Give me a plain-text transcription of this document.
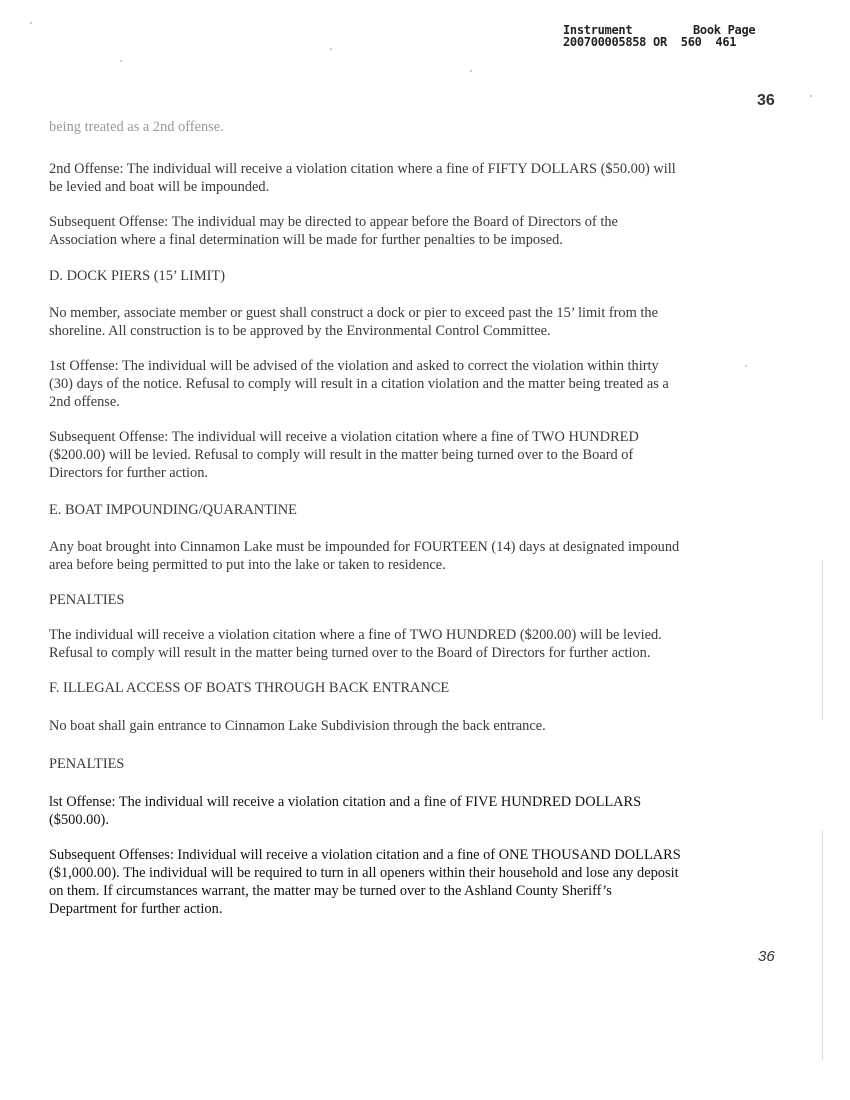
Instrument	Book Page
200700005858 OR 560  461
36

being treated as a 2nd offense.

2nd Offense: The individual will receive a violation citation where a fine of FIFTY DOLLARS ($50.00) will be levied and boat will be impounded.

Subsequent Offense: The individual may be directed to appear before the Board of Directors of the Association where a final determination will be made for further penalties to be imposed.

D. DOCK PIERS (15’ LIMIT)

No member, associate member or guest shall construct a dock or pier to exceed past the 15’ limit from the shoreline. All construction is to be approved by the Environmental Control Committee.

1st Offense: The individual will be advised of the violation and asked to correct the violation within thirty (30) days of the notice. Refusal to comply will result in a citation violation and the matter being treated as a 2nd offense.

Subsequent Offense: The individual will receive a violation citation where a fine of TWO HUNDRED ($200.00) will be levied. Refusal to comply will result in the matter being turned over to the Board of Directors for further action.

E. BOAT IMPOUNDING/QUARANTINE

Any boat brought into Cinnamon Lake must be impounded for FOURTEEN (14) days at designated impound area before being permitted to put into the lake or taken to residence.

PENALTIES

The individual will receive a violation citation where a fine of TWO HUNDRED ($200.00) will be levied. Refusal to comply will result in the matter being turned over to the Board of Directors for further action.

F. ILLEGAL ACCESS OF BOATS THROUGH BACK ENTRANCE

No boat shall gain entrance to Cinnamon Lake Subdivision through the back entrance.

PENALTIES

lst Offense: The individual will receive a violation citation and a fine of FIVE HUNDRED DOLLARS ($500.00).

Subsequent Offenses: Individual will receive a violation citation and a fine of ONE THOUSAND DOLLARS ($1,000.00). The individual will be required to turn in all openers within their household and lose any deposit on them. If circumstances warrant, the matter may be turned over to the Ashland County Sheriff’s Department for further action.

36
